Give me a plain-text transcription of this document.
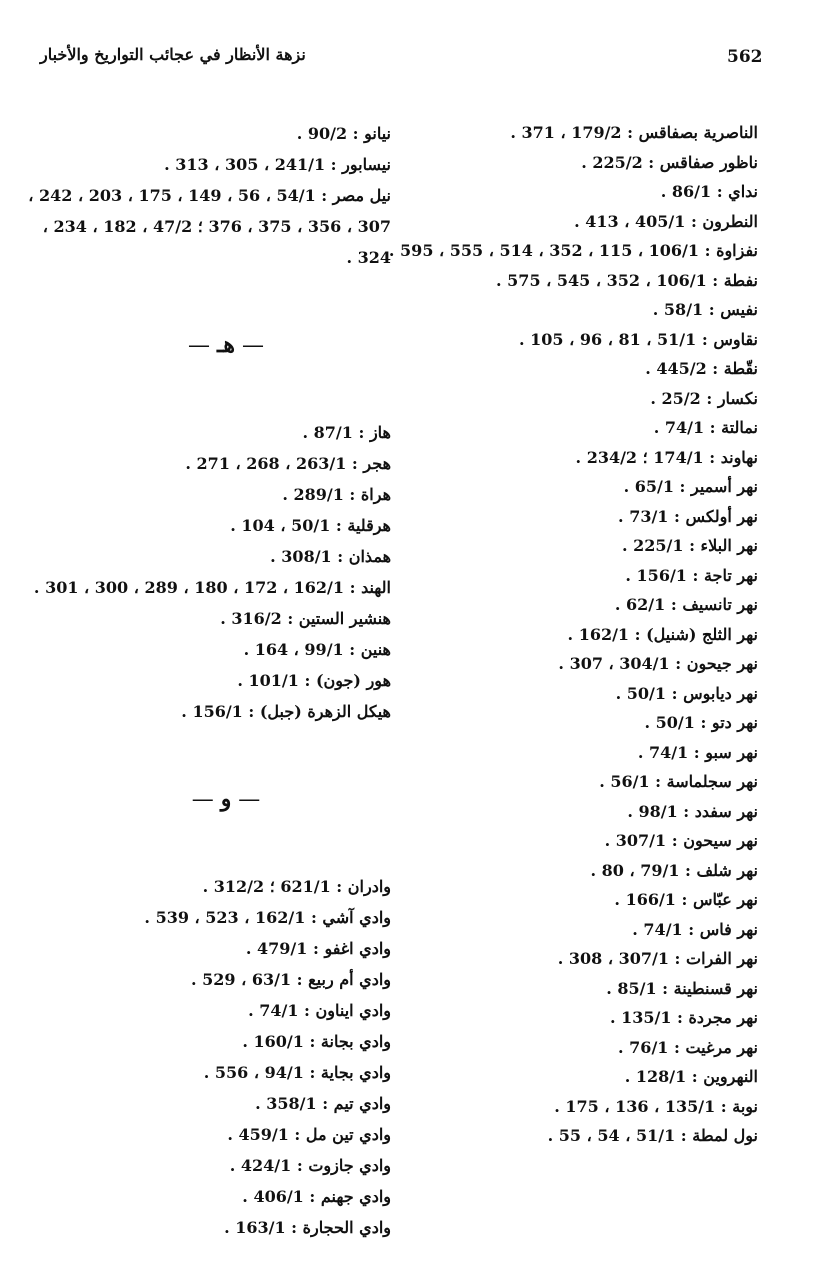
562
نزهة الأنظار في عجائب التواريخ والأخبار
الناصرية بصفاقس : 179/2 ، 371 .
ناظور صفاقس : 225/2 .
نداي : 86/1 .
النطرون : 405/1 ، 413 .
نفزاوة : 106/1 ، 115 ، 352 ، 514 ، 555 ، 595 .
نفطة : 106/1 ، 352 ، 545 ، 575 .
نفيس : 58/1 .
نقاوس : 51/1 ، 81 ، 96 ، 105 .
نقّطة : 445/2 .
نكسار : 25/2 .
نمالتة : 74/1 .
نهاوند : 174/1 ؛ 234/2 .
نهر أسمير : 65/1 .
نهر أولكس : 73/1 .
نهر البلاء : 225/1 .
نهر تاجة : 156/1 .
نهر تانسيف : 62/1 .
نهر الثلج (شنيل) : 162/1 .
نهر جيحون : 304/1 ، 307 .
نهر ديابوس : 50/1 .
نهر دتو : 50/1 .
نهر سبو : 74/1 .
نهر سجلماسة : 56/1 .
نهر سفدد : 98/1 .
نهر سيحون : 307/1 .
نهر شلف : 79/1 ، 80 .
نهر عبّاس : 166/1 .
نهر فاس : 74/1 .
نهر الفرات : 307/1 ، 308 .
نهر قسنطينة : 85/1 .
نهر مجردة : 135/1 .
نهر مرغيت : 76/1 .
النهروين : 128/1 .
نوبة : 135/1 ، 136 ، 175 .
نول لمطة : 51/1 ، 54 ، 55 .
نيانو : 90/2 .
نيسابور : 241/1 ، 305 ، 313 .
نيل مصر : 54/1 ، 56 ، 149 ، 175 ، 203 ، 242 ، 307 ، 356 ، 375 ، 376 ؛ 47/2 ، 182 ، 234 ، 324 .
— هـ —
هاز : 87/1 .
هجر : 263/1 ، 268 ، 271 .
هراة : 289/1 .
هرقلية : 50/1 ، 104 .
همذان : 308/1 .
الهند : 162/1 ، 172 ، 180 ، 289 ، 300 ، 301 .
هنشير الستين : 316/2 .
هنين : 99/1 ، 164 .
هور (جون) : 101/1 .
هيكل الزهرة (جبل) : 156/1 .
— و —
وادران : 621/1 ؛ 312/2 .
وادي آشي : 162/1 ، 523 ، 539 .
وادي اغفو : 479/1 .
وادي أم ربيع : 63/1 ، 529 .
وادي ايناون : 74/1 .
وادي بجانة : 160/1 .
وادي بجاية : 94/1 ، 556 .
وادي تيم : 358/1 .
وادي تين مل : 459/1 .
وادي جازوت : 424/1 .
وادي جهنم : 406/1 .
وادي الحجارة : 163/1 .
